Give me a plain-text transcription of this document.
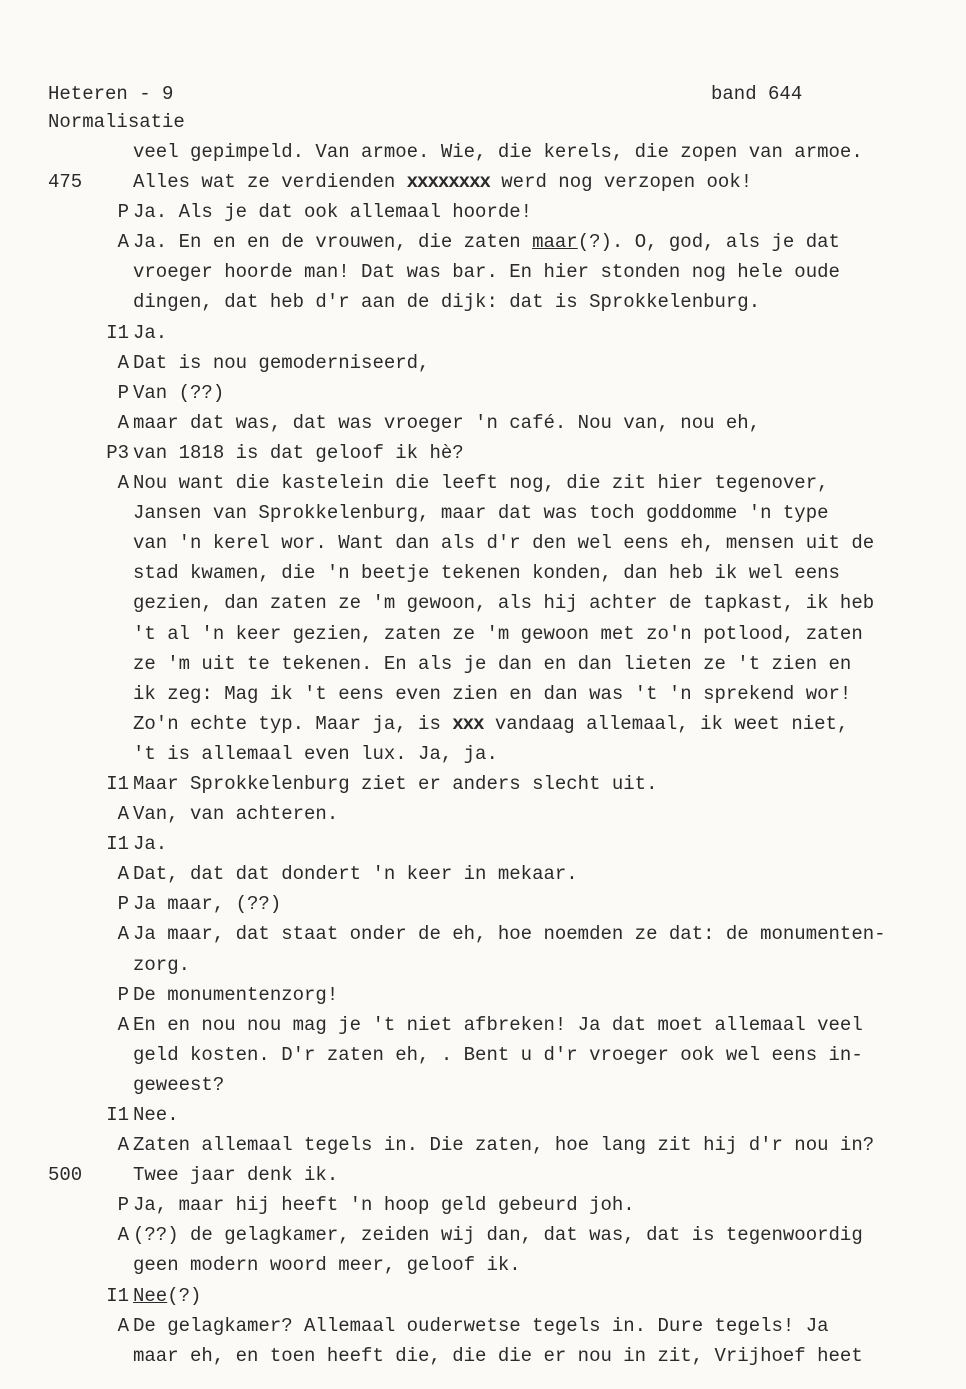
Heteren - 9
Normalisatie
band 644
veel gepimpeld. Van armoe. Wie, die kerels, die zopen van armoe.
475	Alles wat ze verdienden xxxxxxxx werd nog verzopen ook!
P Ja. Als je dat ook allemaal hoorde!
A Ja. En en en de vrouwen, die zaten maar(?). O, god, als je dat
vroeger hoorde man! Dat was bar. En hier stonden nog hele oude
dingen, dat heb d'r aan de dijk: dat is Sprokkelenburg.
I1 Ja.
A Dat is nou gemoderniseerd,
P Van (??)
A maar dat was, dat was vroeger 'n café. Nou van, nou eh,
P3 van 1818 is dat geloof ik hè?
A Nou want die kastelein die leeft nog, die zit hier tegenover,
Jansen van Sprokkelenburg, maar dat was toch goddomme 'n type
van 'n kerel wor. Want dan als d'r den wel eens eh, mensen uit de
stad kwamen, die 'n beetje tekenen konden, dan heb ik wel eens
gezien, dan zaten ze 'm gewoon, als hij achter de tapkast, ik heb
't al 'n keer gezien, zaten ze 'm gewoon met zo'n potlood, zaten
ze 'm uit te tekenen. En als je dan en dan lieten ze 't zien en
ik zeg: Mag ik 't eens even zien en dan was 't 'n sprekend wor!
Zo'n echte typ. Maar ja, is xxx vandaag allemaal, ik weet niet,
't is allemaal even lux. Ja, ja.
I1 Maar Sprokkelenburg ziet er anders slecht uit.
A Van, van achteren.
I1 Ja.
A Dat, dat dat dondert 'n keer in mekaar.
P Ja maar, (??)
A Ja maar, dat staat onder de eh, hoe noemden ze dat: de monumenten-
zorg.
P De monumentenzorg!
A En en nou nou mag je 't niet afbreken! Ja dat moet allemaal veel
geld kosten. D'r zaten eh, . Bent u d'r vroeger ook wel eens in-
geweest?
I1 Nee.
A Zaten allemaal tegels in. Die zaten, hoe lang zit hij d'r nou in?
500	Twee jaar denk ik.
P Ja, maar hij heeft 'n hoop geld gebeurd joh.
A (??) de gelagkamer, zeiden wij dan, dat was, dat is tegenwoordig
geen modern woord meer, geloof ik.
I1 Nee(?)
A De gelagkamer? Allemaal ouderwetse tegels in. Dure tegels! Ja
maar eh, en toen heeft die, die die er nou in zit, Vrijhoef heet
